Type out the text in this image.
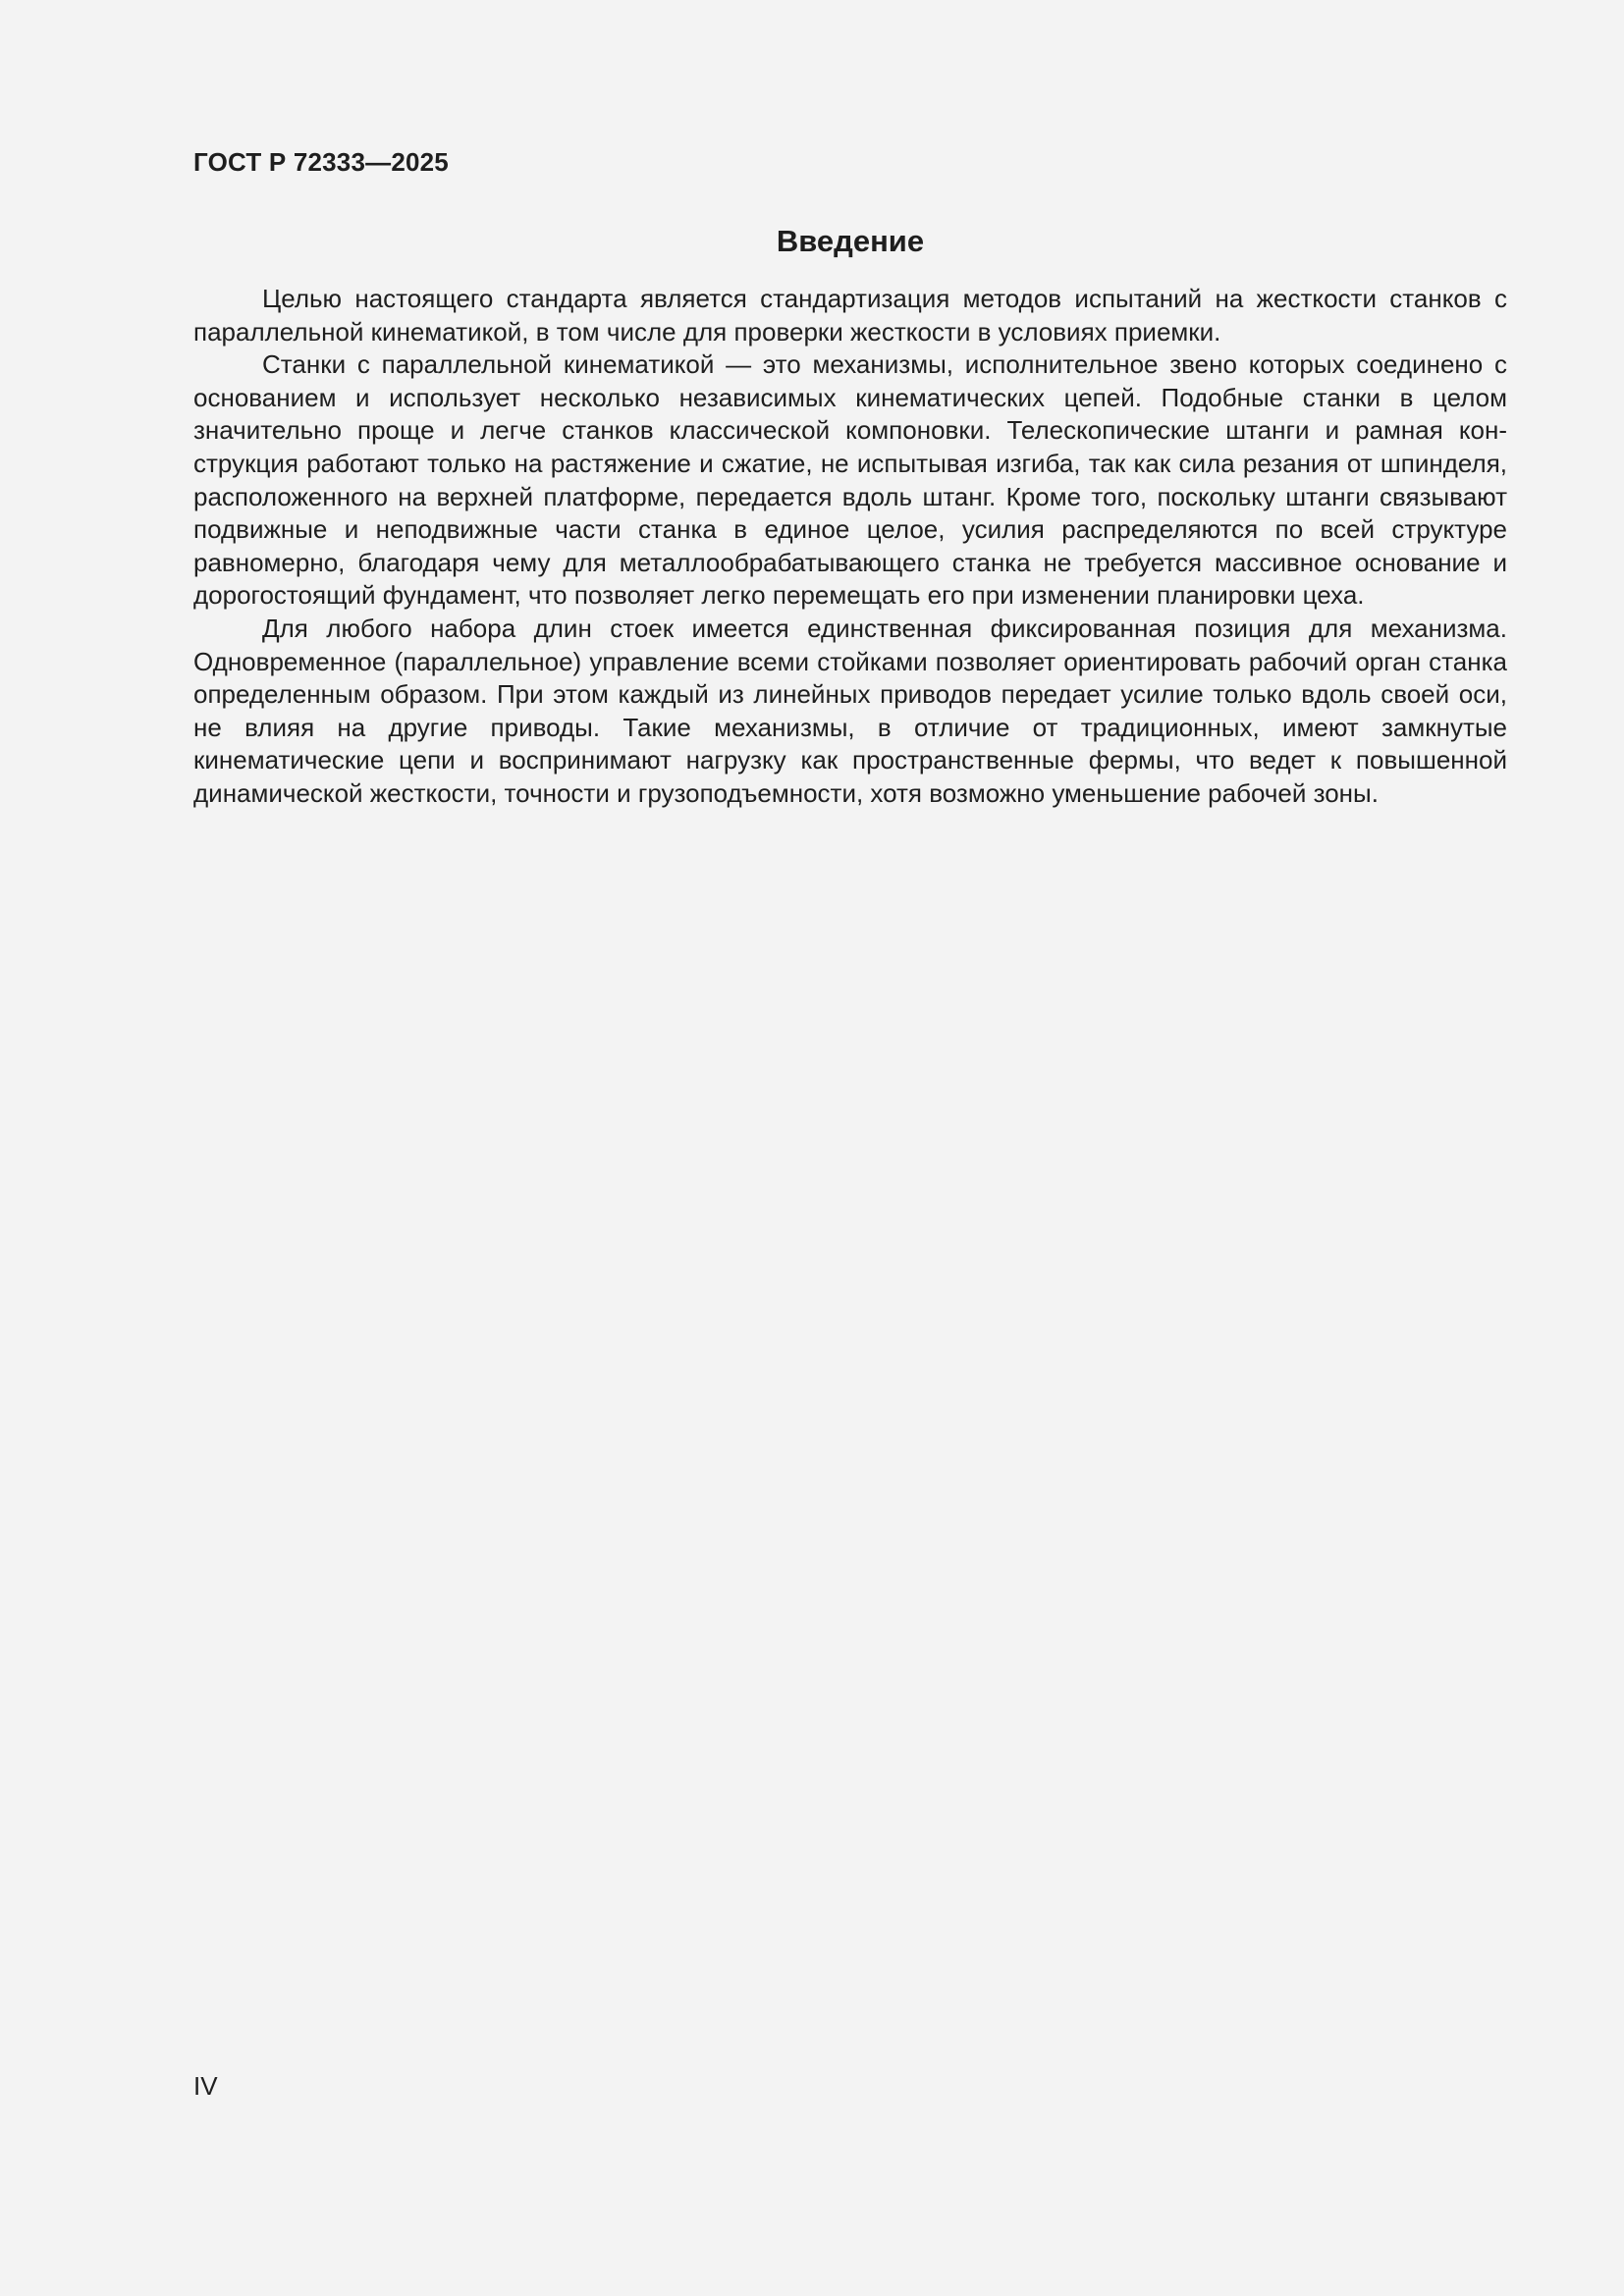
ГОСТ Р 72333—2025
Введение

Целью настоящего стандарта является стандартизация методов испытаний на жесткости станков с параллельной кинематикой, в том числе для проверки жесткости в условиях приемки.

Станки с параллельной кинематикой — это механизмы, исполнительное звено которых соединено с основанием и использует несколько независимых кинематических цепей. Подобные станки в целом значительно проще и легче станков классической компоновки. Телескопические штанги и рамная конструкция работают только на растяжение и сжатие, не испытывая изгиба, так как сила резания от шпинделя, расположенного на верхней платформе, передается вдоль штанг. Кроме того, поскольку штанги связывают подвижные и неподвижные части станка в единое целое, усилия распределяются по всей структуре равномерно, благодаря чему для металлообрабатывающего станка не требуется массивное основание и дорогостоящий фундамент, что позволяет легко перемещать его при изменении планировки цеха.

Для любого набора длин стоек имеется единственная фиксированная позиция для механизма. Одновременное (параллельное) управление всеми стойками позволяет ориентировать рабочий орган станка определенным образом. При этом каждый из линейных приводов передает усилие только вдоль своей оси, не влияя на другие приводы. Такие механизмы, в отличие от традиционных, имеют замкнутые кинематические цепи и воспринимают нагрузку как пространственные фермы, что ведет к повышенной динамической жесткости, точности и грузоподъемности, хотя возможно уменьшение рабочей зоны.

IV
